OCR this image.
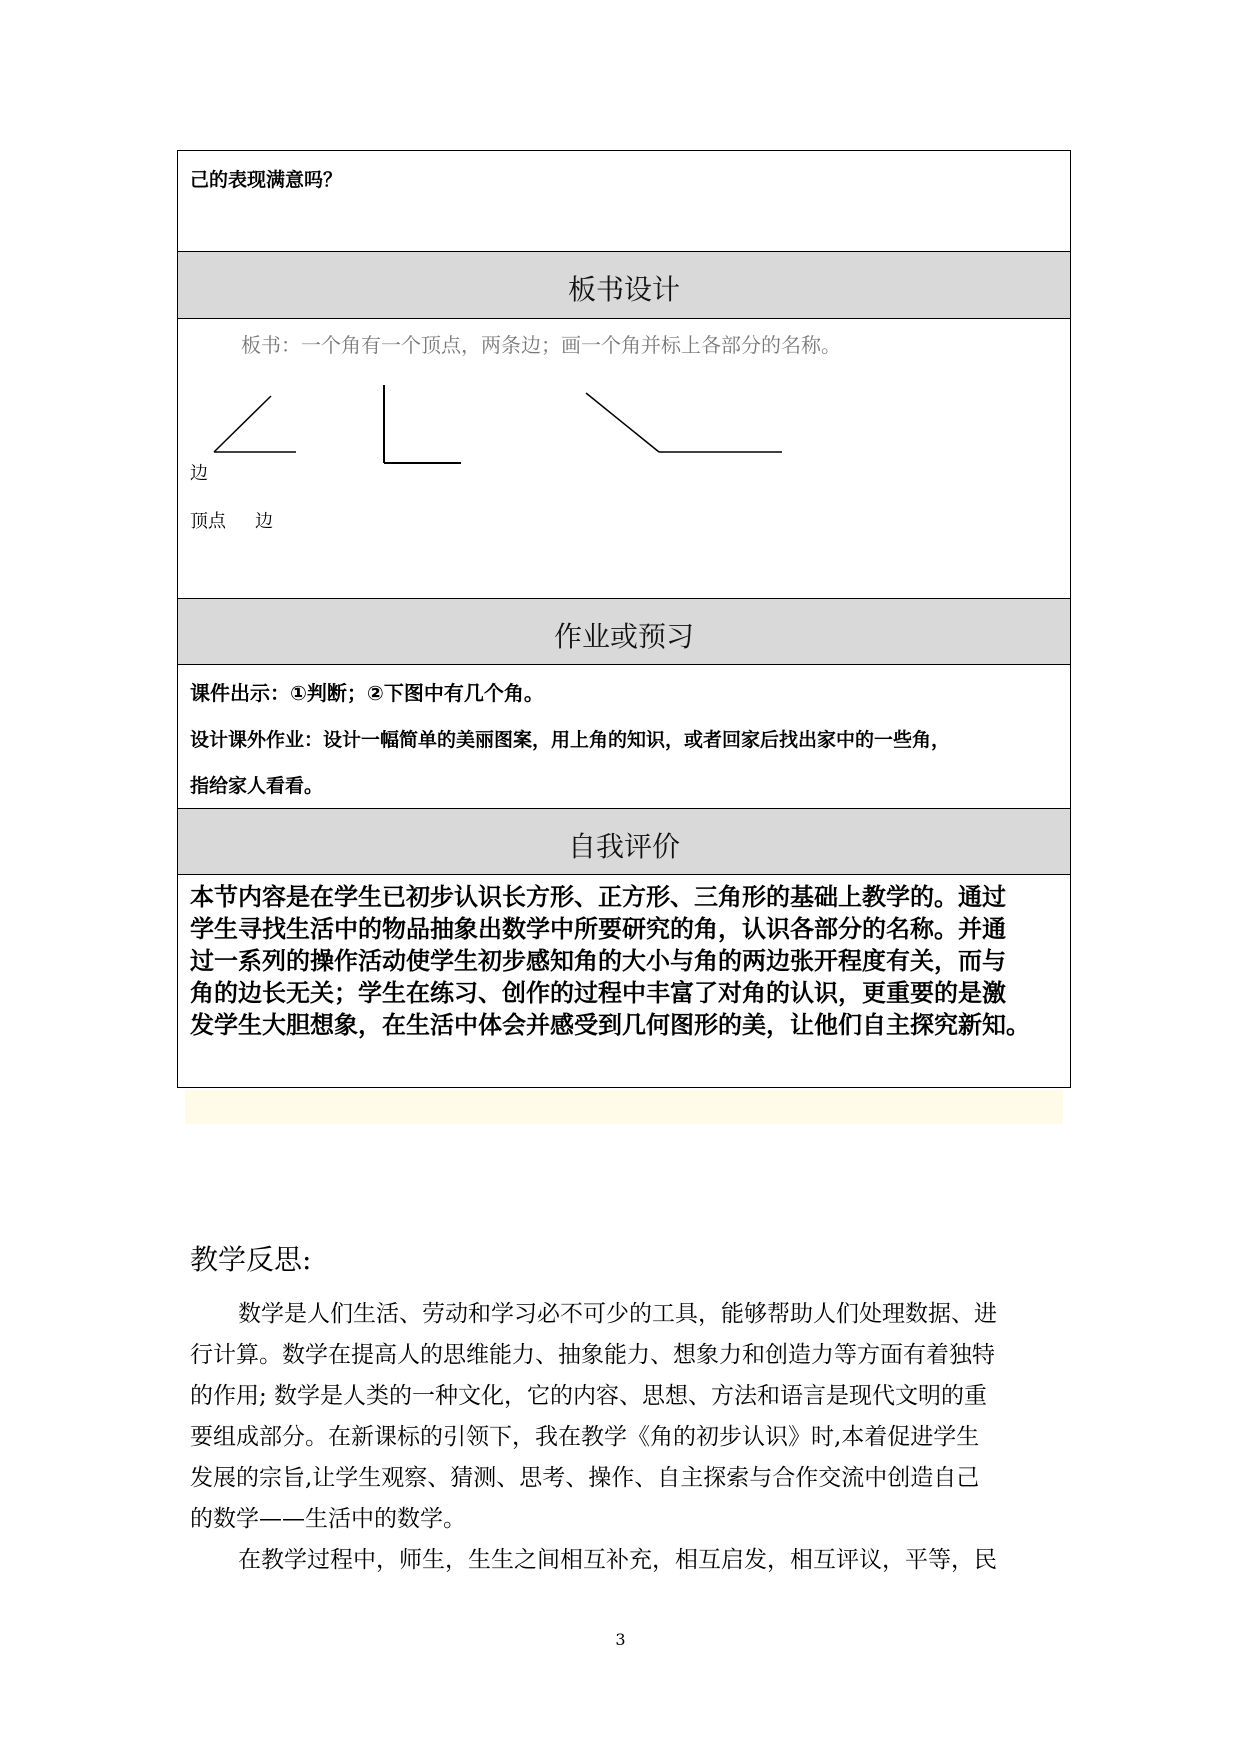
己的表现满意吗？
板书设计
板书：一个角有一个顶点，两条边；画一个角并标上各部分的名称。
边
顶点 边
作业或预习
课件出示：①判断；②下图中有几个角。
设计课外作业：设计一幅简单的美丽图案，用上角的知识，或者回家后找出家中的一些角，
指给家人看看。
自我评价
本节内容是在学生已初步认识长方形、正方形、三角形的基础上教学的。通过
学生寻找生活中的物品抽象出数学中所要研究的角，认识各部分的名称。并通
过一系列的操作活动使学生初步感知角的大小与角的两边张开程度有关，而与
角的边长无关；学生在练习、创作的过程中丰富了对角的认识，更重要的是激
发学生大胆想象，在生活中体会并感受到几何图形的美，让他们自主探究新知。
教学反思:
数学是人们生活、劳动和学习必不可少的工具，能够帮助人们处理数据、进
行计算。数学在提高人的思维能力、抽象能力、想象力和创造力等方面有着独特
的作用; 数学是人类的一种文化，它的内容、思想、方法和语言是现代文明的重
要组成部分。在新课标的引领下，我在教学《角的初步认识》时,本着促进学生
发展的宗旨,让学生观察、猜测、思考、操作、自主探索与合作交流中创造自己
的数学——生活中的数学。
在教学过程中，师生，生生之间相互补充，相互启发，相互评议，平等，民
3
